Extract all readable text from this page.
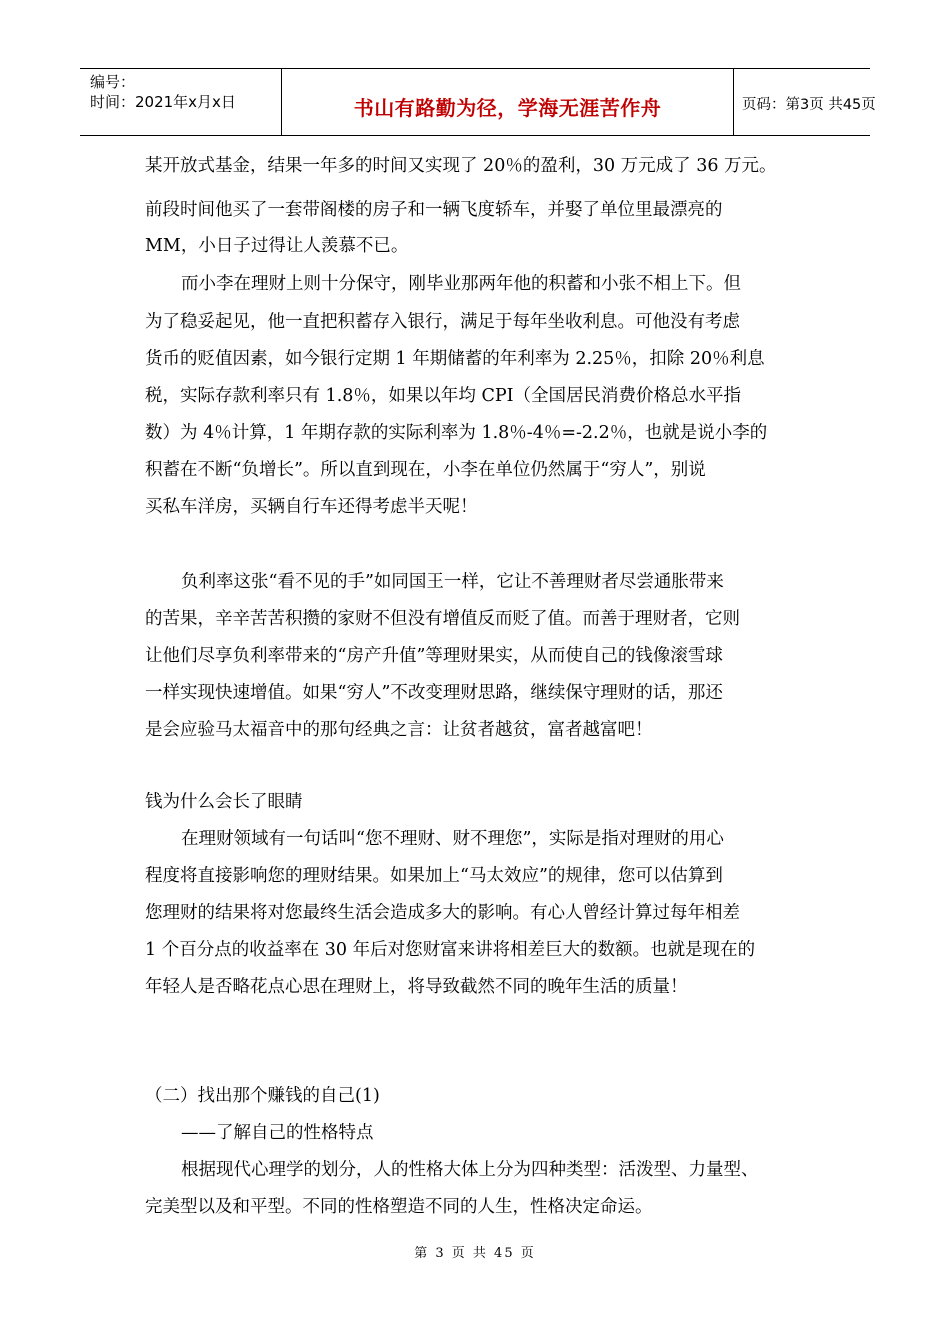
编号：
时间：2021年x月x日	书山有路勤为径，学海无涯苦作舟	页码：第3页 共45页
某开放式基金，结果一年多的时间又实现了 20％的盈利，30 万元成了 36 万元。
前段时间他买了一套带阁楼的房子和一辆飞度轿车，并娶了单位里最漂亮的
MM，小日子过得让人羡慕不已。
而小李在理财上则十分保守，刚毕业那两年他的积蓄和小张不相上下。但
为了稳妥起见，他一直把积蓄存入银行，满足于每年坐收利息。可他没有考虑
货币的贬值因素，如今银行定期 1 年期储蓄的年利率为 2.25％，扣除 20％利息
税，实际存款利率只有 1.8％，如果以年均 CPI（全国居民消费价格总水平指
数）为 4％计算，1 年期存款的实际利率为 1.8％-4％=-2.2％，也就是说小李的
积蓄在不断“负增长”。所以直到现在，小李在单位仍然属于“穷人”，别说
买私车洋房，买辆自行车还得考虑半天呢！
负利率这张“看不见的手”如同国王一样，它让不善理财者尽尝通胀带来
的苦果，辛辛苦苦积攒的家财不但没有增值反而贬了值。而善于理财者，它则
让他们尽享负利率带来的“房产升值”等理财果实，从而使自己的钱像滚雪球
一样实现快速增值。如果“穷人”不改变理财思路，继续保守理财的话，那还
是会应验马太福音中的那句经典之言：让贫者越贫，富者越富吧！
钱为什么会长了眼睛
在理财领域有一句话叫“您不理财、财不理您”，实际是指对理财的用心
程度将直接影响您的理财结果。如果加上“马太效应”的规律，您可以估算到
您理财的结果将对您最终生活会造成多大的影响。有心人曾经计算过每年相差
1 个百分点的收益率在 30 年后对您财富来讲将相差巨大的数额。也就是现在的
年轻人是否略花点心思在理财上，将导致截然不同的晚年生活的质量！
（二）找出那个赚钱的自己(1)
——了解自己的性格特点
根据现代心理学的划分，人的性格大体上分为四种类型：活泼型、力量型、
完美型以及和平型。不同的性格塑造不同的人生，性格决定命运。
第 3 页 共 45 页
